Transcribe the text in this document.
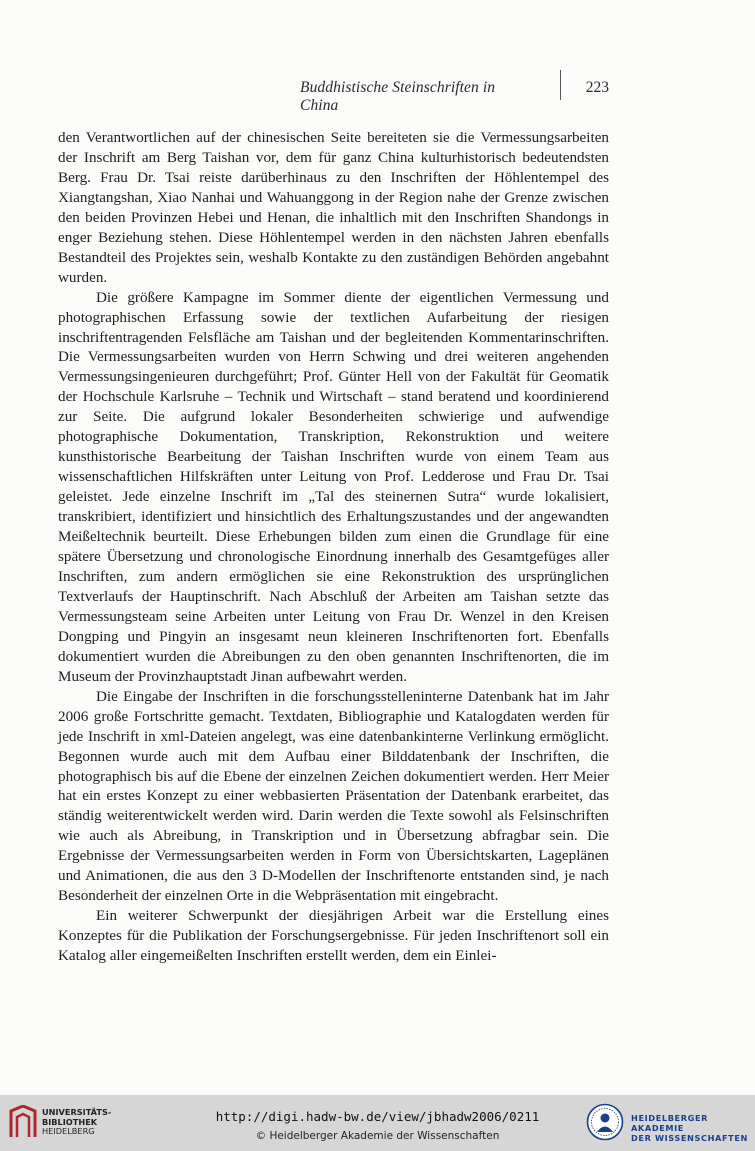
Buddhistische Steinschriften in China
223

den Verantwortlichen auf der chinesischen Seite bereiteten sie die Vermessungsarbeiten der Inschrift am Berg Taishan vor, dem für ganz China kulturhistorisch bedeutendsten Berg. Frau Dr. Tsai reiste darüberhinaus zu den Inschriften der Höhlentempel des Xiangtangshan, Xiao Nanhai und Wahuanggong in der Region nahe der Grenze zwischen den beiden Provinzen Hebei und Henan, die inhaltlich mit den Inschriften Shandongs in enger Beziehung stehen. Diese Höhlentempel werden in den nächsten Jahren ebenfalls Bestandteil des Projektes sein, weshalb Kontakte zu den zuständigen Behörden angebahnt wurden.

Die größere Kampagne im Sommer diente der eigentlichen Vermessung und photographischen Erfassung sowie der textlichen Aufarbeitung der riesigen inschriftentragenden Felsfläche am Taishan und der begleitenden Kommentarinschriften. Die Vermessungsarbeiten wurden von Herrn Schwing und drei weiteren angehenden Vermessungsingenieuren durchgeführt; Prof. Günter Hell von der Fakultät für Geomatik der Hochschule Karlsruhe – Technik und Wirtschaft – stand beratend und koordinierend zur Seite. Die aufgrund lokaler Besonderheiten schwierige und aufwendige photographische Dokumentation, Transkription, Rekonstruktion und weitere kunsthistorische Bearbeitung der Taishan Inschriften wurde von einem Team aus wissenschaftlichen Hilfskräften unter Leitung von Prof. Ledderose und Frau Dr. Tsai geleistet. Jede einzelne Inschrift im „Tal des steinernen Sutra“ wurde lokalisiert, transkribiert, identifiziert und hinsichtlich des Erhaltungszustandes und der angewandten Meißeltechnik beurteilt. Diese Erhebungen bilden zum einen die Grundlage für eine spätere Übersetzung und chronologische Einordnung innerhalb des Gesamtgefüges aller Inschriften, zum andern ermöglichen sie eine Rekonstruktion des ursprünglichen Textverlaufs der Hauptinschrift. Nach Abschluß der Arbeiten am Taishan setzte das Vermessungsteam seine Arbeiten unter Leitung von Frau Dr. Wenzel in den Kreisen Dongping und Pingyin an insgesamt neun kleineren Inschriftenorten fort. Ebenfalls dokumentiert wurden die Abreibungen zu den oben genannten Inschriftenorten, die im Museum der Provinzhauptstadt Jinan aufbewahrt werden.

Die Eingabe der Inschriften in die forschungsstelleninterne Datenbank hat im Jahr 2006 große Fortschritte gemacht. Textdaten, Bibliographie und Katalogdaten werden für jede Inschrift in xml-Dateien angelegt, was eine datenbankinterne Verlinkung ermöglicht. Begonnen wurde auch mit dem Aufbau einer Bilddatenbank der Inschriften, die photographisch bis auf die Ebene der einzelnen Zeichen dokumentiert werden. Herr Meier hat ein erstes Konzept zu einer webbasierten Präsentation der Datenbank erarbeitet, das ständig weiterentwickelt werden wird. Darin werden die Texte sowohl als Felsinschriften wie auch als Abreibung, in Transkription und in Übersetzung abfragbar sein. Die Ergebnisse der Vermessungsarbeiten werden in Form von Übersichtskarten, Lageplänen und Animationen, die aus den 3 D-Modellen der Inschriftenorte entstanden sind, je nach Besonderheit der einzelnen Orte in die Webpräsentation mit eingebracht.

Ein weiterer Schwerpunkt der diesjährigen Arbeit war die Erstellung eines Konzeptes für die Publikation der Forschungsergebnisse. Für jeden Inschriftenort soll ein Katalog aller eingemeißelten Inschriften erstellt werden, dem ein Einlei-

UNIVERSITÄTS-
BIBLIOTHEK
HEIDELBERG
http://digi.hadw-bw.de/view/jbhadw2006/0211
© Heidelberger Akademie der Wissenschaften
HEIDELBERGER AKADEMIE
DER WISSENSCHAFTEN
